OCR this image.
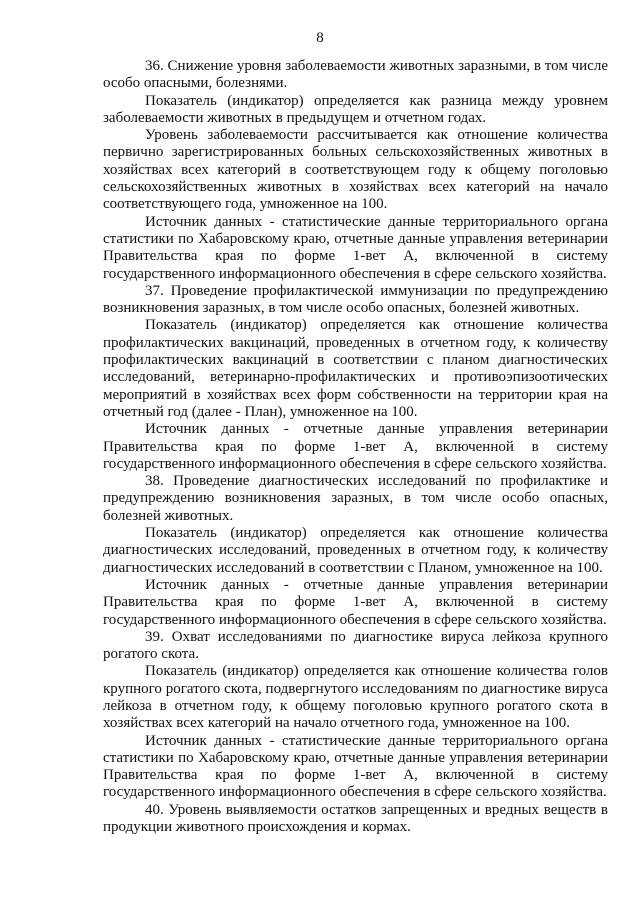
8

36. Снижение уровня заболеваемости животных заразными, в том числе особо опасными, болезнями.

Показатель (индикатор) определяется как разница между уровнем заболеваемости животных в предыдущем и отчетном годах.

Уровень заболеваемости рассчитывается как отношение количества первично зарегистрированных больных сельскохозяйственных животных в хозяйствах всех категорий в соответствующем году к общему поголовью сельскохозяйственных животных в хозяйствах всех категорий на начало соответствующего года, умноженное на 100.

Источник данных - статистические данные территориального органа статистики по Хабаровскому краю, отчетные данные управления ветеринарии Правительства края по форме 1-вет А, включенной в систему государственного информационного обеспечения в сфере сельского хозяйства.

37. Проведение профилактической иммунизации по предупреждению возникновения заразных, в том числе особо опасных, болезней животных.

Показатель (индикатор) определяется как отношение количества профилактических вакцинаций, проведенных в отчетном году, к количеству профилактических вакцинаций в соответствии с планом диагностических исследований, ветеринарно-профилактических и противоэпизоотических мероприятий в хозяйствах всех форм собственности на территории края на отчетный год (далее - План), умноженное на 100.

Источник данных - отчетные данные управления ветеринарии Правительства края по форме 1-вет А, включенной в систему государственного информационного обеспечения в сфере сельского хозяйства.

38. Проведение диагностических исследований по профилактике и предупреждению возникновения заразных, в том числе особо опасных, болезней животных.

Показатель (индикатор) определяется как отношение количества диагностических исследований, проведенных в отчетном году, к количеству диагностических исследований в соответствии с Планом, умноженное на 100.

Источник данных - отчетные данные управления ветеринарии Правительства края по форме 1-вет А, включенной в систему государственного информационного обеспечения в сфере сельского хозяйства.

39. Охват исследованиями по диагностике вируса лейкоза крупного рогатого скота.

Показатель (индикатор) определяется как отношение количества голов крупного рогатого скота, подвергнутого исследованиям по диагностике вируса лейкоза в отчетном году, к общему поголовью крупного рогатого скота в хозяйствах всех категорий на начало отчетного года, умноженное на 100.

Источник данных - статистические данные территориального органа статистики по Хабаровскому краю, отчетные данные управления ветеринарии Правительства края по форме 1-вет А, включенной в систему государственного информационного обеспечения в сфере сельского хозяйства.

40. Уровень выявляемости остатков запрещенных и вредных веществ в продукции животного происхождения и кормах.
